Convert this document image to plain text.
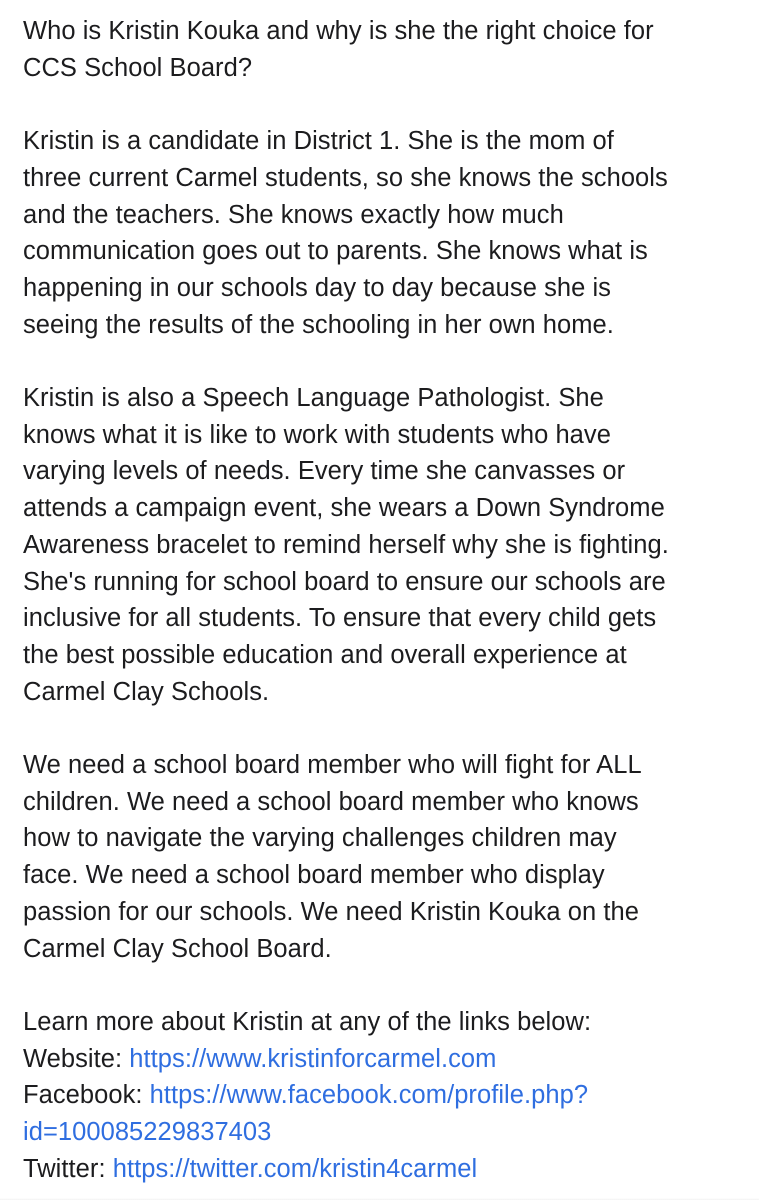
Who is Kristin Kouka and why is she the right choice for
CCS School Board?

Kristin is a candidate in District 1. She is the mom of
three current Carmel students, so she knows the schools
and the teachers. She knows exactly how much
communication goes out to parents. She knows what is
happening in our schools day to day because she is
seeing the results of the schooling in her own home.

Kristin is also a Speech Language Pathologist. She
knows what it is like to work with students who have
varying levels of needs. Every time she canvasses or
attends a campaign event, she wears a Down Syndrome
Awareness bracelet to remind herself why she is fighting.
She's running for school board to ensure our schools are
inclusive for all students. To ensure that every child gets
the best possible education and overall experience at
Carmel Clay Schools.

We need a school board member who will fight for ALL
children. We need a school board member who knows
how to navigate the varying challenges children may
face. We need a school board member who display
passion for our schools. We need Kristin Kouka on the
Carmel Clay School Board.

Learn more about Kristin at any of the links below:
Website: https://www.kristinforcarmel.com
Facebook: https://www.facebook.com/profile.php?
id=100085229837403
Twitter: https://twitter.com/kristin4carmel
